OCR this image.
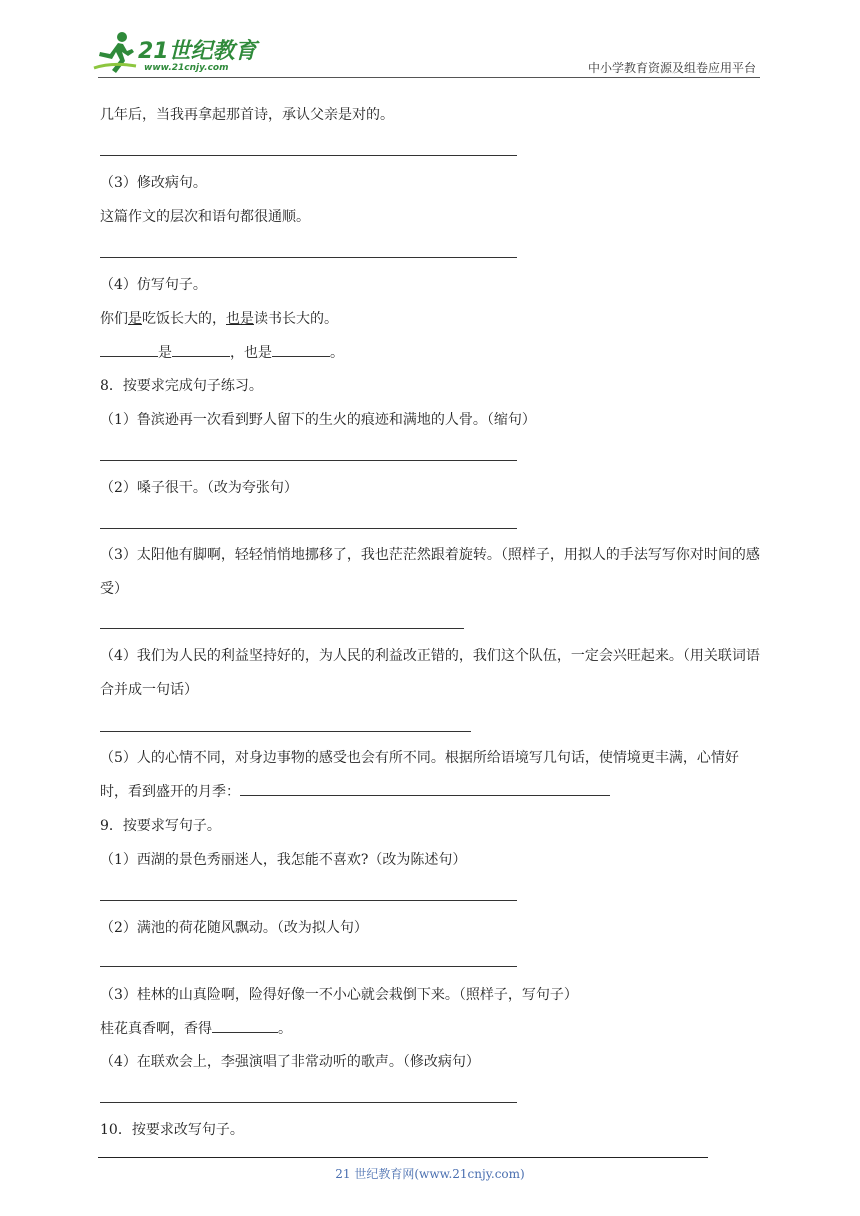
21世纪教育
www.21cnjy.com	中小学教育资源及组卷应用平台
几年后，当我再拿起那首诗，承认父亲是对的。
（3）修改病句。
这篇作文的层次和语句都很通顺。
（4）仿写句子。
你们是吃饭长大的，也是读书长大的。
是	，也是	。
8．按要求完成句子练习。
（1）鲁滨逊再一次看到野人留下的生火的痕迹和满地的人骨。（缩句）
（2）嗓子很干。（改为夸张句）
（3）太阳他有脚啊，轻轻悄悄地挪移了，我也茫茫然跟着旋转。（照样子，用拟人的手法写写你对时间的感受）
（4）我们为人民的利益坚持好的，为人民的利益改正错的，我们这个队伍，一定会兴旺起来。（用关联词语合并成一句话）
（5）人的心情不同，对身边事物的感受也会有所不同。根据所给语境写几句话，使情境更丰满，心情好时，看到盛开的月季：
9．按要求写句子。
（1）西湖的景色秀丽迷人，我怎能不喜欢?（改为陈述句）
（2）满池的荷花随风飘动。（改为拟人句）
（3）桂林的山真险啊，险得好像一不小心就会栽倒下来。（照样子，写句子）
桂花真香啊，香得	。
（4）在联欢会上，李强演唱了非常动听的歌声。（修改病句）
10．按要求改写句子。
21 世纪教育网(www.21cnjy.com)
